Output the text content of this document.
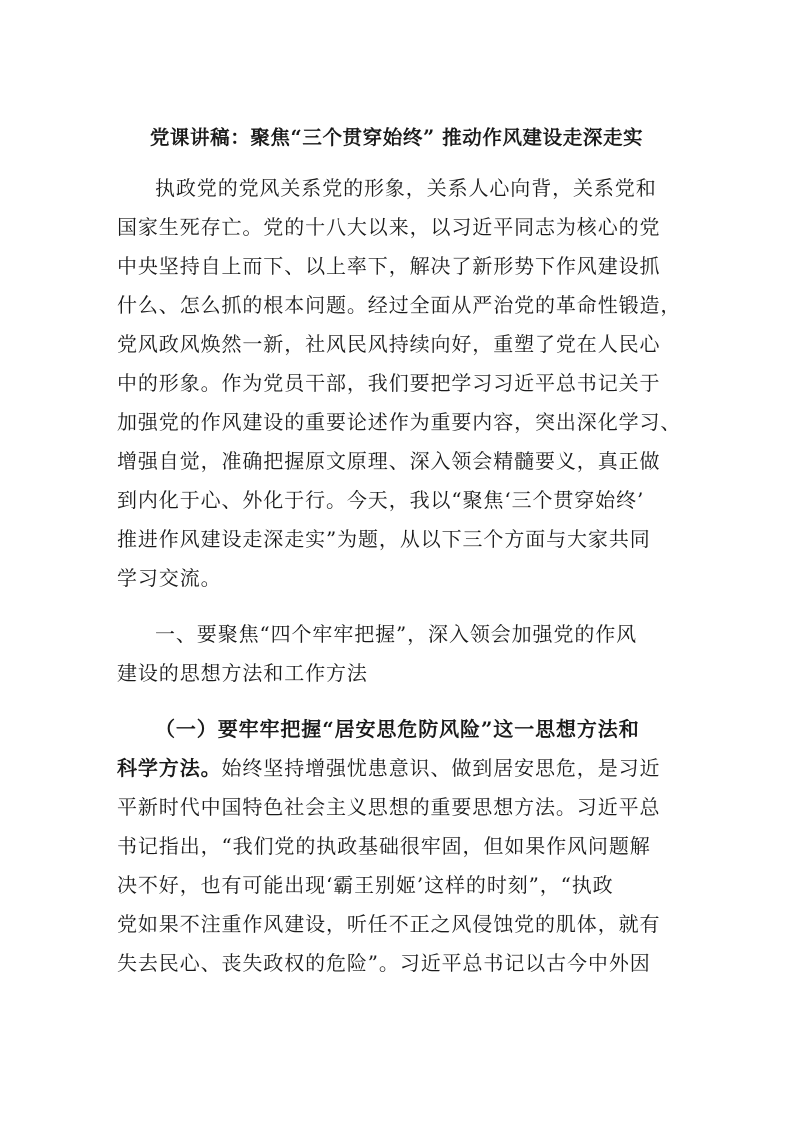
党课讲稿：聚焦“三个贯穿始终” 推动作风建设走深走实
执政党的党风关系党的形象，关系人心向背，关系党和
国家生死存亡。党的十八大以来，以习近平同志为核心的党
中央坚持自上而下、以上率下，解决了新形势下作风建设抓
什么、怎么抓的根本问题。经过全面从严治党的革命性锻造，
党风政风焕然一新，社风民风持续向好，重塑了党在人民心
中的形象。作为党员干部，我们要把学习习近平总书记关于
加强党的作风建设的重要论述作为重要内容，突出深化学习、
增强自觉，准确把握原文原理、深入领会精髓要义，真正做
到内化于心、外化于行。今天，我以“聚焦‘三个贯穿始终’
推进作风建设走深走实”为题，从以下三个方面与大家共同
学习交流。
一、要聚焦“四个牢牢把握”，深入领会加强党的作风
建设的思想方法和工作方法
（一）要牢牢把握“居安思危防风险”这一思想方法和
科学方法。始终坚持增强忧患意识、做到居安思危，是习近
平新时代中国特色社会主义思想的重要思想方法。习近平总
书记指出，“我们党的执政基础很牢固，但如果作风问题解
决不好，也有可能出现‘霸王别姬’这样的时刻”，“执政
党如果不注重作风建设，听任不正之风侵蚀党的肌体，就有
失去民心、丧失政权的危险”。习近平总书记以古今中外因
